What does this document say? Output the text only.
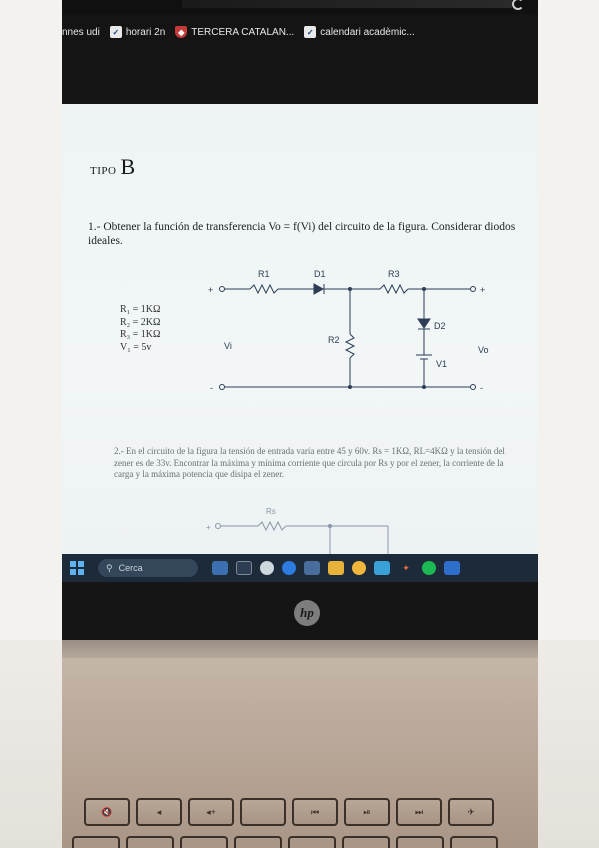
nnes udi	✓ horari 2n	◆ TERCERA CATALAN...	✓ calendari acadèmic...
TIPO B
1.- Obtener la función de transferencia Vo = f(Vi) del circuito de la figura. Considerar diodos ideales.
R₁ = 1KΩ
R₂ = 2KΩ
R₃ = 1KΩ
V₁ = 5v
R1	D1	R3
R2
D2
V1
Vi	Vo
+	+
-	-
2.- En el circuito de la figura la tensión de entrada varía entre 45 y 60v. Rs = 1KΩ, RL=4KΩ y la tensión del zener es de 33v. Encontrar la máxima y mínima corriente que circula por Rs y por el zener, la corriente de la carga y la máxima potencia que disipa el zener.
Rs
+
⚲ Cerca	✦
hp
🔇	◂	◂+	⏮	⏯	⏭	✈
